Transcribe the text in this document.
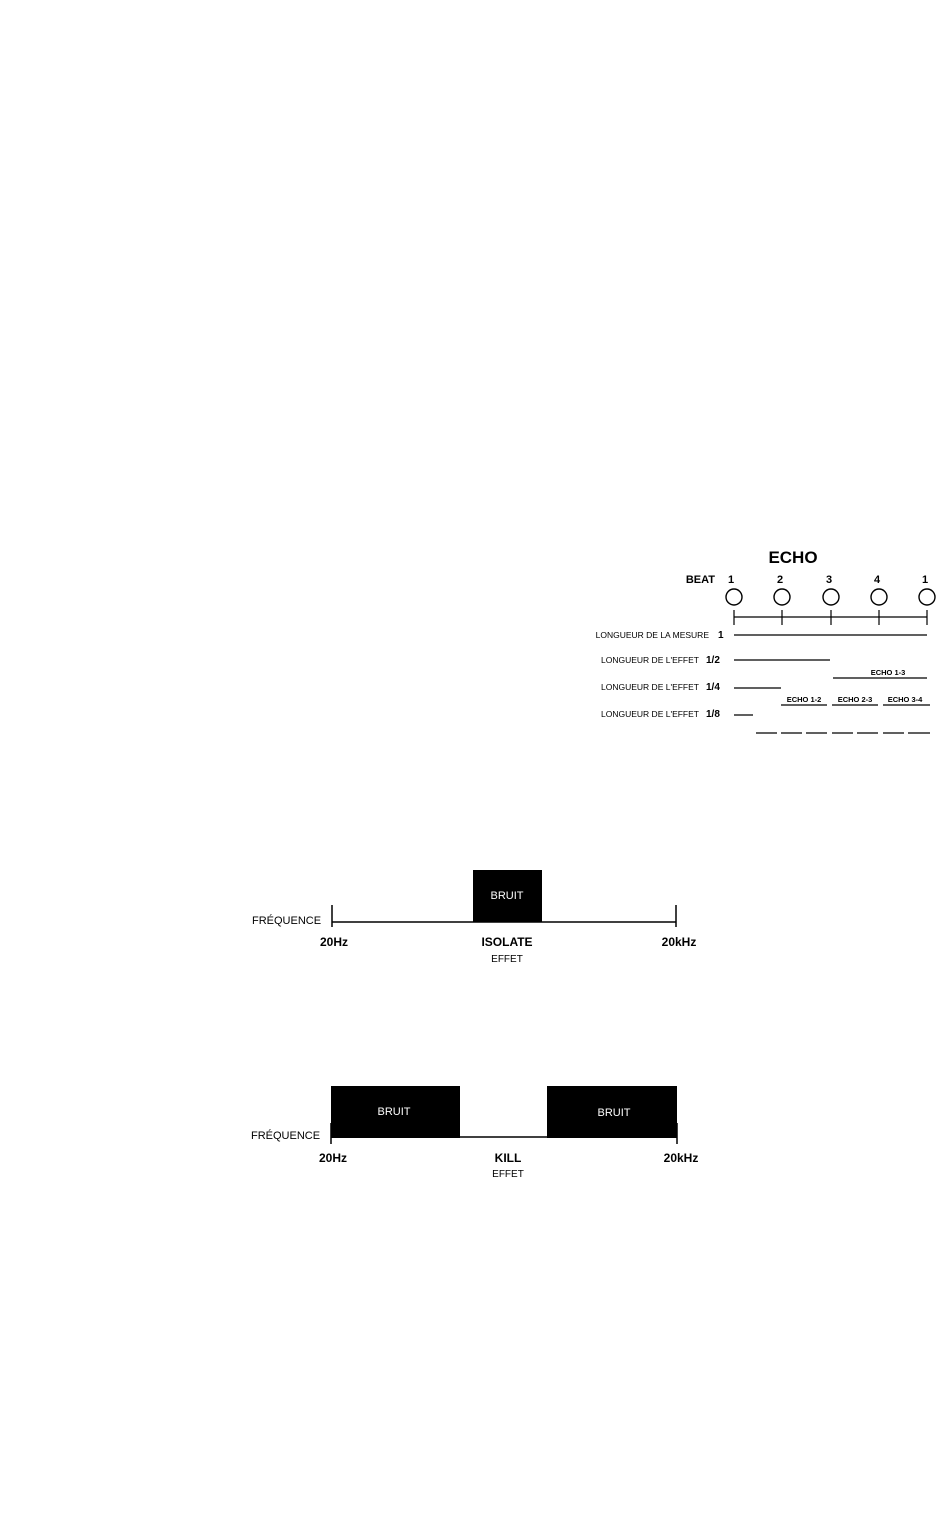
ECHO
BEAT 1	2	3	4	1
LONGUEUR DE LA MESURE 1
LONGUEUR DE L'EFFET 1/2
ECHO 1-3
LONGUEUR DE L'EFFET 1/4
ECHO 1-2 ECHO 2-3 ECHO 3-4
LONGUEUR DE L'EFFET 1/8
BRUIT
FRÉQUENCE
20Hz	20kHz
ISOLATE
EFFET
BRUIT	BRUIT
FRÉQUENCE
20Hz	20kHz
KILL
EFFET
